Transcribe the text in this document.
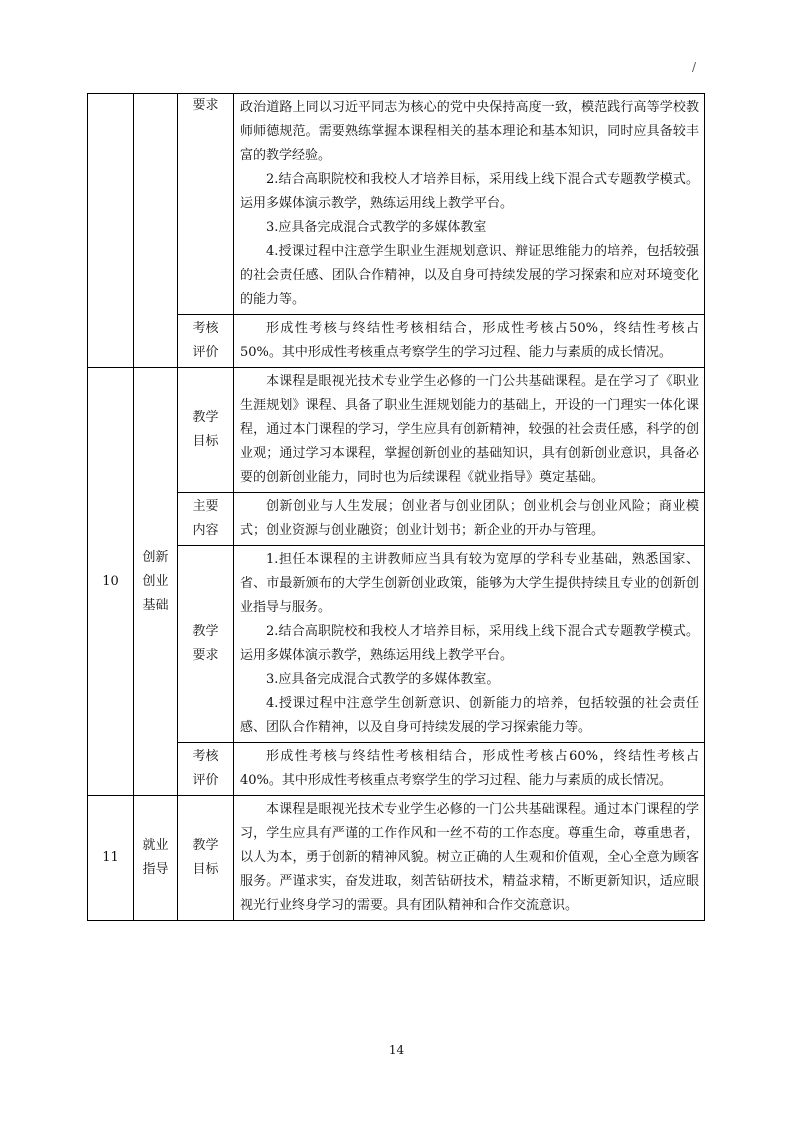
/

		要求	政治道路上同以习近平同志为核心的党中央保持高度一致，模范践行高等学校教师师德规范。需要熟练掌握本课程相关的基本理论和基本知识，同时应具备较丰富的教学经验。
2.结合高职院校和我校人才培养目标，采用线上线下混合式专题教学模式。运用多媒体演示教学，熟练运用线上教学平台。
3.应具备完成混合式教学的多媒体教室
4.授课过程中注意学生职业生涯规划意识、辩证思维能力的培养，包括较强的社会责任感、团队合作精神，以及自身可持续发展的学习探索和应对环境变化的能力等。

		考核评价	形成性考核与终结性考核相结合，形成性考核占50%，终结性考核占50%。其中形成性考核重点考察学生的学习过程、能力与素质的成长情况。

10	创新创业基础	教学目标	本课程是眼视光技术专业学生必修的一门公共基础课程。是在学习了《职业生涯规划》课程、具备了职业生涯规划能力的基础上，开设的一门理实一体化课程，通过本门课程的学习，学生应具有创新精神，较强的社会责任感，科学的创业观；通过学习本课程，掌握创新创业的基础知识，具有创新创业意识，具备必要的创新创业能力，同时也为后续课程《就业指导》奠定基础。

		主要内容	创新创业与人生发展；创业者与创业团队；创业机会与创业风险；商业模式；创业资源与创业融资；创业计划书；新企业的开办与管理。

		教学要求	1.担任本课程的主讲教师应当具有较为宽厚的学科专业基础，熟悉国家、省、市最新颁布的大学生创新创业政策，能够为大学生提供持续且专业的创新创业指导与服务。
2.结合高职院校和我校人才培养目标，采用线上线下混合式专题教学模式。运用多媒体演示教学，熟练运用线上教学平台。
3.应具备完成混合式教学的多媒体教室。
4.授课过程中注意学生创新意识、创新能力的培养，包括较强的社会责任感、团队合作精神，以及自身可持续发展的学习探索能力等。

		考核评价	形成性考核与终结性考核相结合，形成性考核占60%，终结性考核占40%。其中形成性考核重点考察学生的学习过程、能力与素质的成长情况。

11	就业指导	教学目标	本课程是眼视光技术专业学生必修的一门公共基础课程。通过本门课程的学习，学生应具有严谨的工作作风和一丝不苟的工作态度。尊重生命，尊重患者，以人为本，勇于创新的精神风貌。树立正确的人生观和价值观，全心全意为顾客服务。严谨求实，奋发进取，刻苦钻研技术，精益求精，不断更新知识，适应眼视光行业终身学习的需要。具有团队精神和合作交流意识。
14
